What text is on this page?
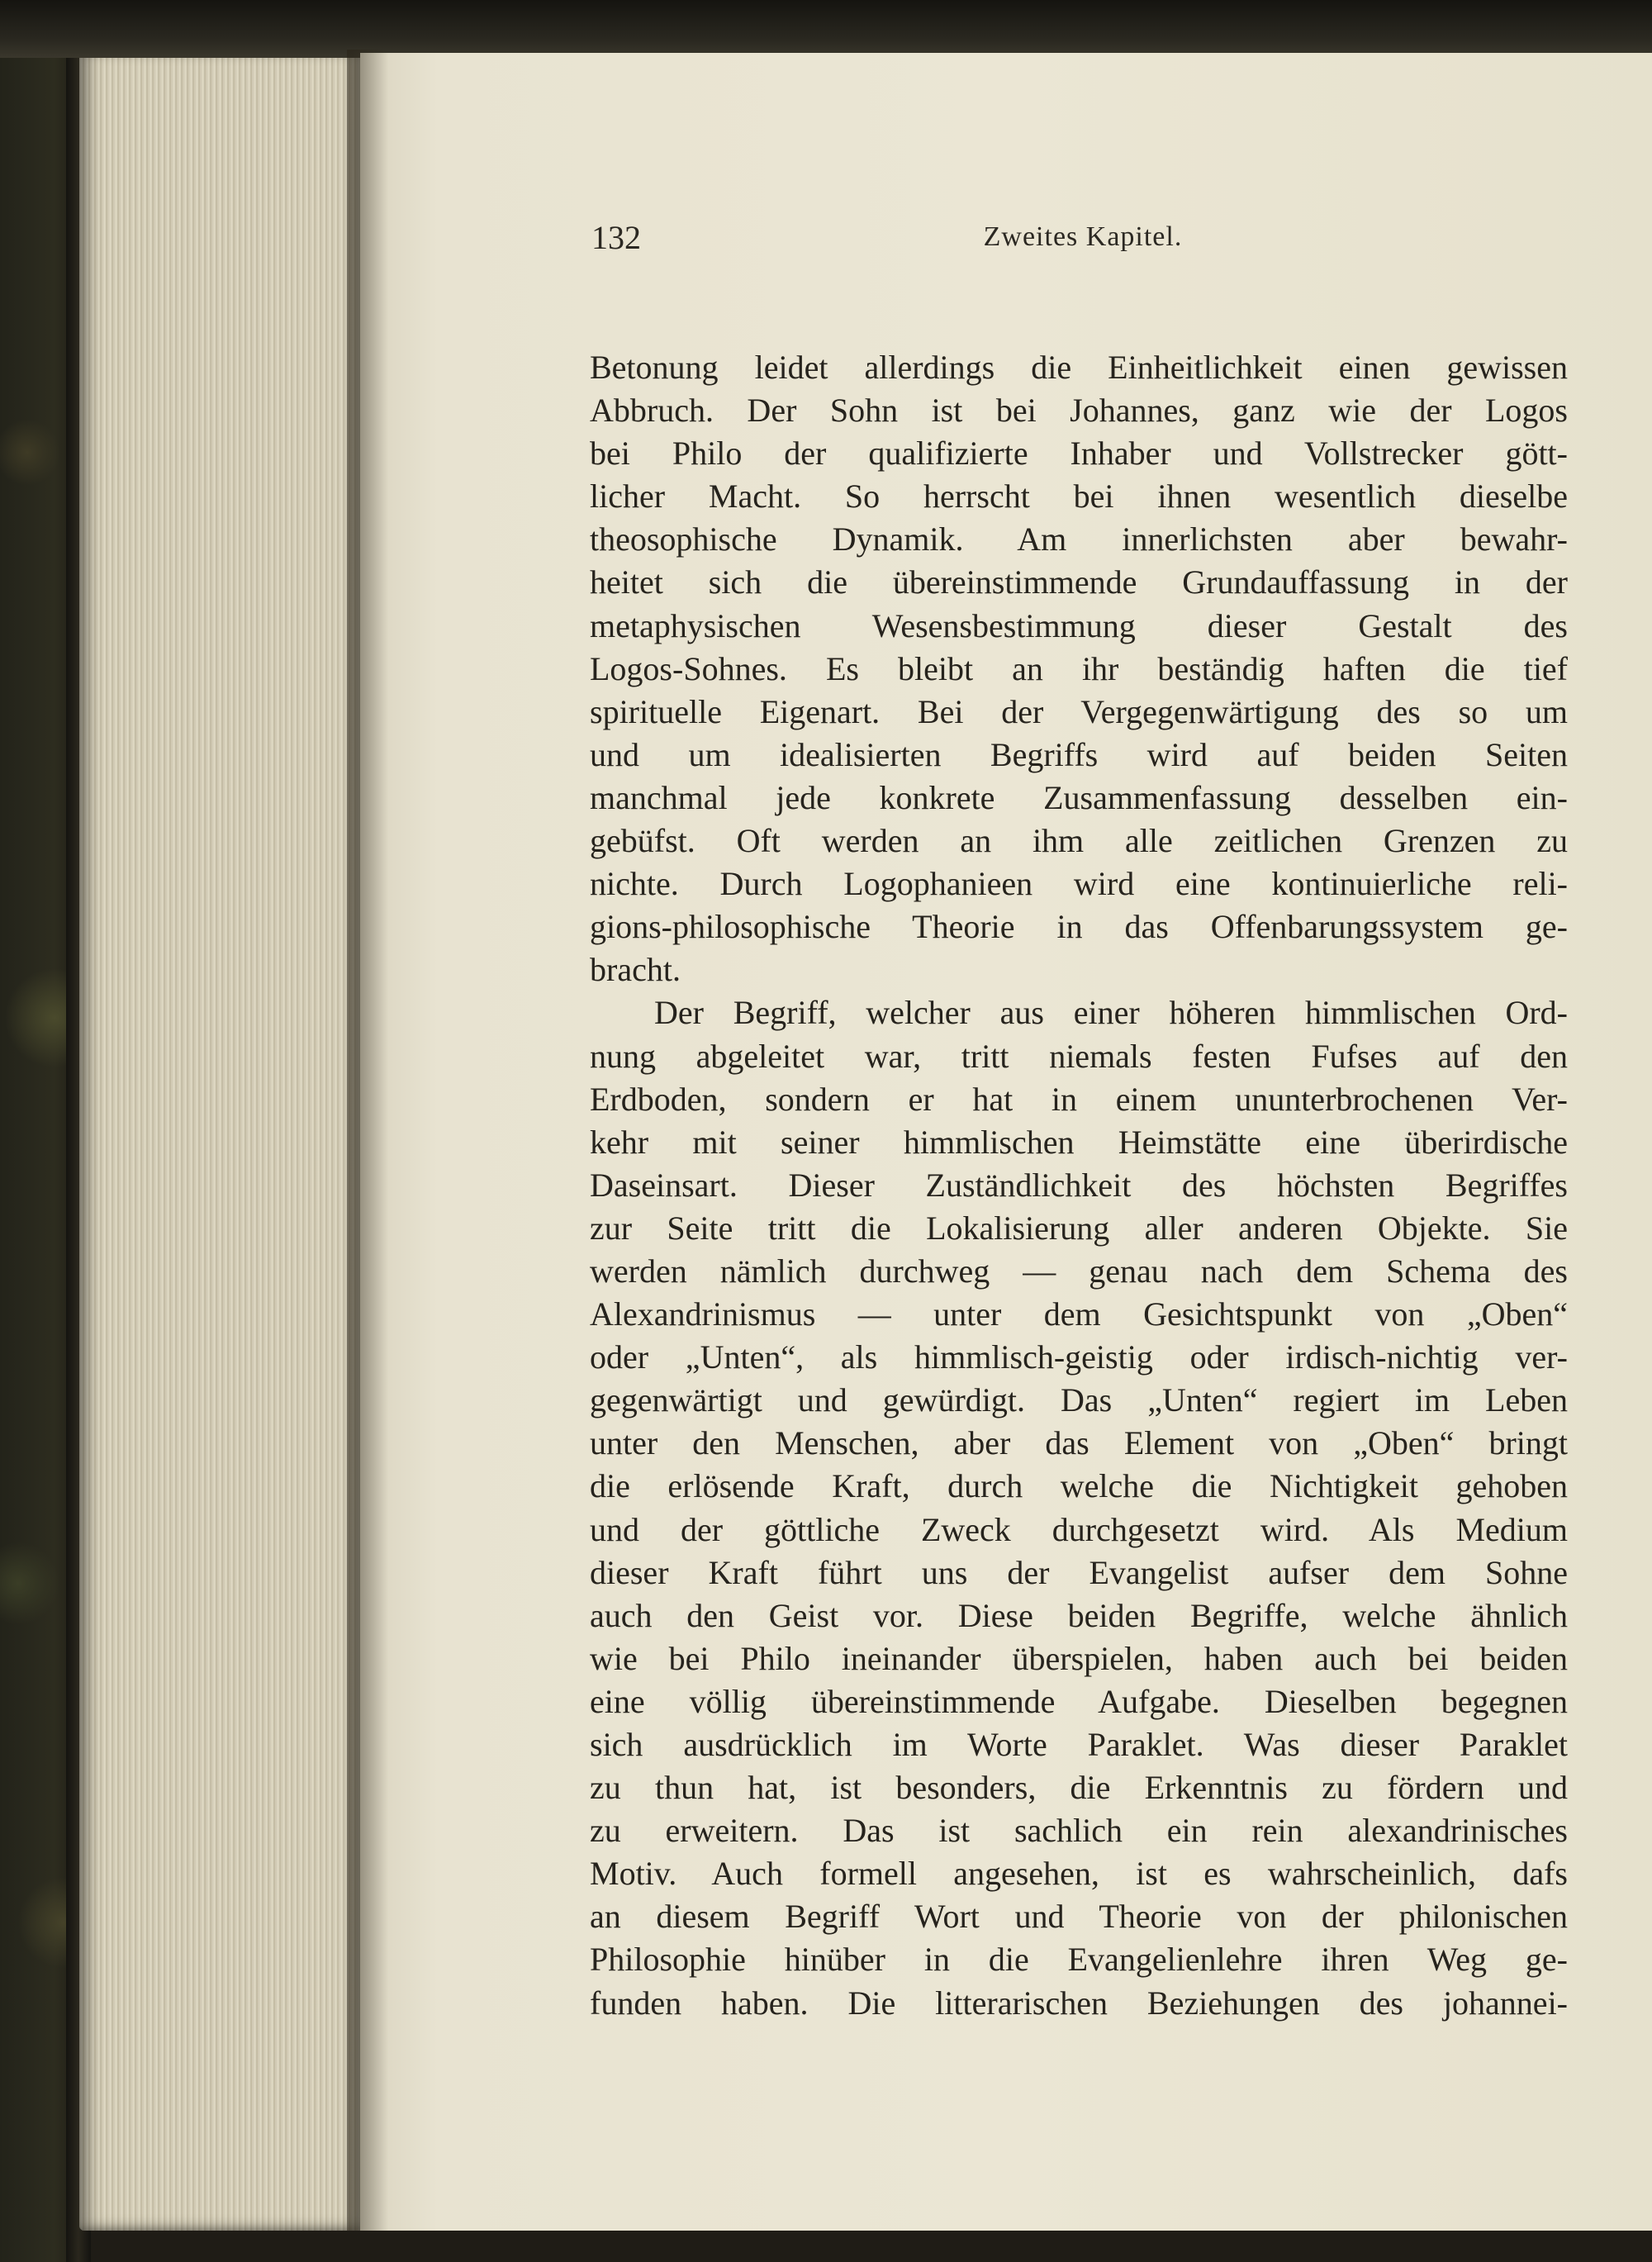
132	Zweites Kapitel.
Betonung leidet allerdings die Einheitlichkeit einen gewissen
Abbruch. Der Sohn ist bei Johannes, ganz wie der Logos
bei Philo der qualifizierte Inhaber und Vollstrecker gött-
licher Macht. So herrscht bei ihnen wesentlich dieselbe
theosophische Dynamik. Am innerlichsten aber bewahr-
heitet sich die übereinstimmende Grundauffassung in der
metaphysischen Wesensbestimmung dieser Gestalt des
Logos-Sohnes. Es bleibt an ihr beständig haften die tief
spirituelle Eigenart. Bei der Vergegenwärtigung des so um
und um idealisierten Begriffs wird auf beiden Seiten
manchmal jede konkrete Zusammenfassung desselben ein-
gebüfst. Oft werden an ihm alle zeitlichen Grenzen zu
nichte. Durch Logophanieen wird eine kontinuierliche reli-
gions-philosophische Theorie in das Offenbarungssystem ge-
bracht.
Der Begriff, welcher aus einer höheren himmlischen Ord-
nung abgeleitet war, tritt niemals festen Fufses auf den
Erdboden, sondern er hat in einem ununterbrochenen Ver-
kehr mit seiner himmlischen Heimstätte eine überirdische
Daseinsart. Dieser Zuständlichkeit des höchsten Begriffes
zur Seite tritt die Lokalisierung aller anderen Objekte. Sie
werden nämlich durchweg — genau nach dem Schema des
Alexandrinismus — unter dem Gesichtspunkt von „Oben“
oder „Unten“, als himmlisch-geistig oder irdisch-nichtig ver-
gegenwärtigt und gewürdigt. Das „Unten“ regiert im Leben
unter den Menschen, aber das Element von „Oben“ bringt
die erlösende Kraft, durch welche die Nichtigkeit gehoben
und der göttliche Zweck durchgesetzt wird. Als Medium
dieser Kraft führt uns der Evangelist aufser dem Sohne
auch den Geist vor. Diese beiden Begriffe, welche ähnlich
wie bei Philo ineinander überspielen, haben auch bei beiden
eine völlig übereinstimmende Aufgabe. Dieselben begegnen
sich ausdrücklich im Worte Paraklet. Was dieser Paraklet
zu thun hat, ist besonders, die Erkenntnis zu fördern und
zu erweitern. Das ist sachlich ein rein alexandrinisches
Motiv. Auch formell angesehen, ist es wahrscheinlich, dafs
an diesem Begriff Wort und Theorie von der philonischen
Philosophie hinüber in die Evangelienlehre ihren Weg ge-
funden haben. Die litterarischen Beziehungen des johannei-
